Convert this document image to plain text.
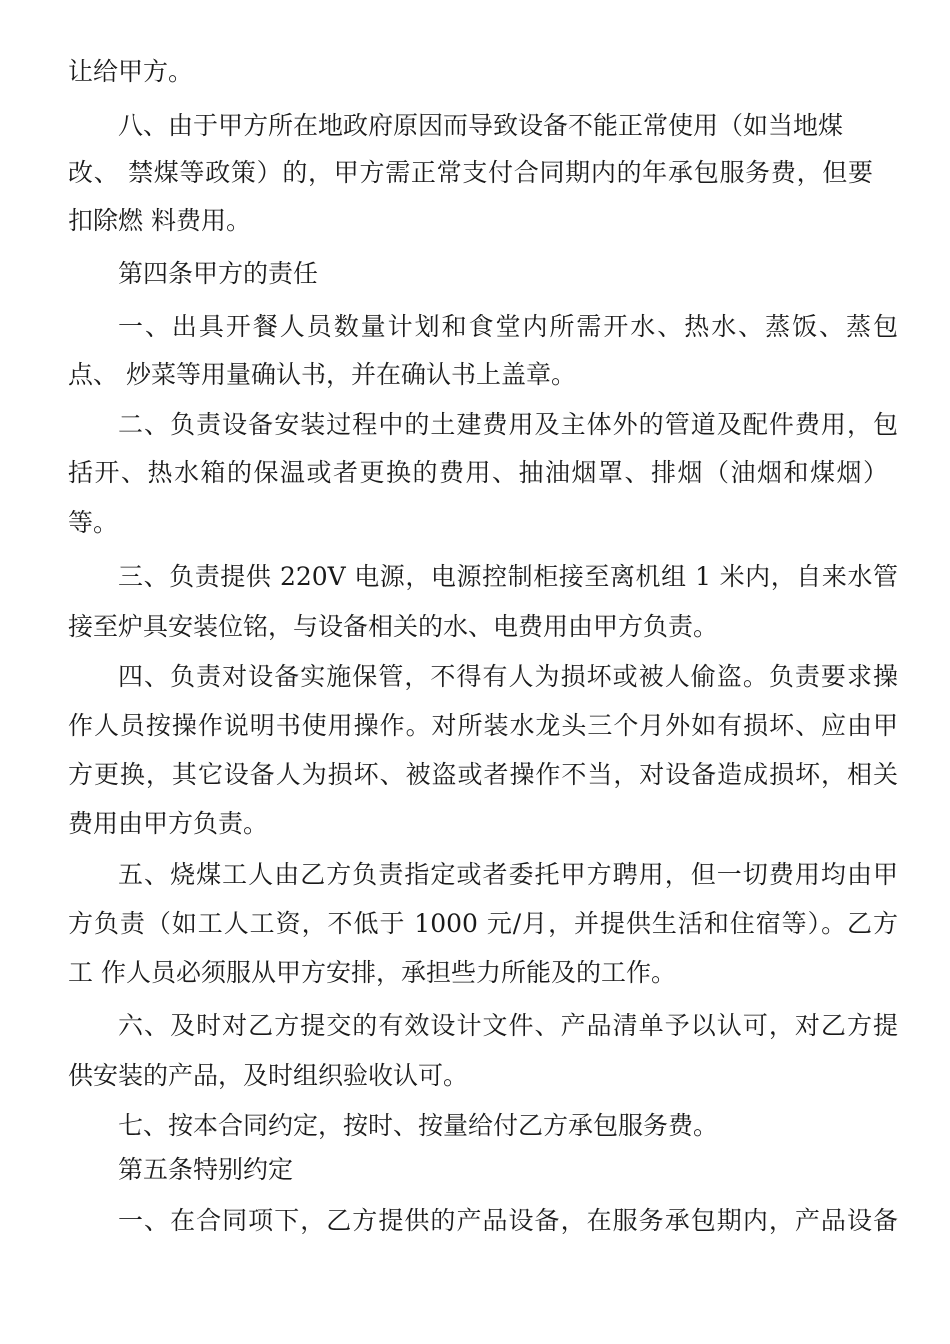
让给甲方。
八、由于甲方所在地政府原因而导致设备不能正常使用（如当地煤
改、 禁煤等政策）的，甲方需正常支付合同期内的年承包服务费，但要
扣除燃 料费用。
第四条甲方的责任
一、出具开餐人员数量计划和食堂内所需开水、热水、蒸饭、蒸包
点、 炒菜等用量确认书，并在确认书上盖章。
二、负责设备安装过程中的土建费用及主体外的管道及配件费用，包
括开、热水箱的保温或者更换的费用、抽油烟罩、排烟（油烟和煤烟）
等。
三、负责提供 220V 电源，电源控制柜接至离机组 1 米内，自来水管
接至炉具安装位铭，与设备相关的水、电费用由甲方负责。
四、负责对设备实施保管，不得有人为损坏或被人偷盗。负责要求操
作人员按操作说明书使用操作。对所装水龙头三个月外如有损坏、应由甲
方更换，其它设备人为损坏、被盗或者操作不当，对设备造成损坏，相关
费用由甲方负责。
五、烧煤工人由乙方负责指定或者委托甲方聘用，但一切费用均由甲
方负责（如工人工资，不低于 1000 元/月，并提供生活和住宿等）。乙方
工 作人员必须服从甲方安排，承担些力所能及的工作。
六、及时对乙方提交的有效设计文件、产品清单予以认可，对乙方提
供安装的产品，及时组织验收认可。
七、按本合同约定，按时、按量给付乙方承包服务费。
第五条特别约定
一、在合同项下，乙方提供的产品设备，在服务承包期内，产品设备
